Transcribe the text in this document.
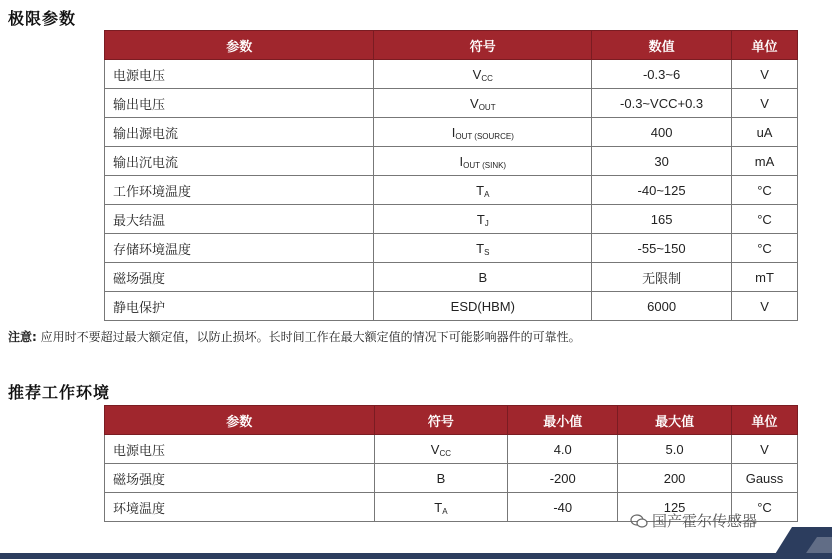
极限参数
参数	符号	数值	单位
电源电压	VCC	-0.3~6	V
输出电压	VOUT	-0.3~VCC+0.3	V
输出源电流	IOUT (SOURCE)	400	uA
输出沉电流	IOUT (SINK)	30	mA
工作环境温度	TA	-40~125	°C
最大结温	TJ	165	°C
存储环境温度	TS	-55~150	°C
磁场强度	B	无限制	mT
静电保护	ESD(HBM)	6000	V
注意: 应用时不要超过最大额定值，以防止损坏。长时间工作在最大额定值的情况下可能影响器件的可靠性。
推荐工作环境
参数	符号	最小值	最大值	单位
电源电压	VCC	4.0	5.0	V
磁场强度	B	-200	200	Gauss
环境温度	TA	-40	125	°C
国产霍尔传感器
